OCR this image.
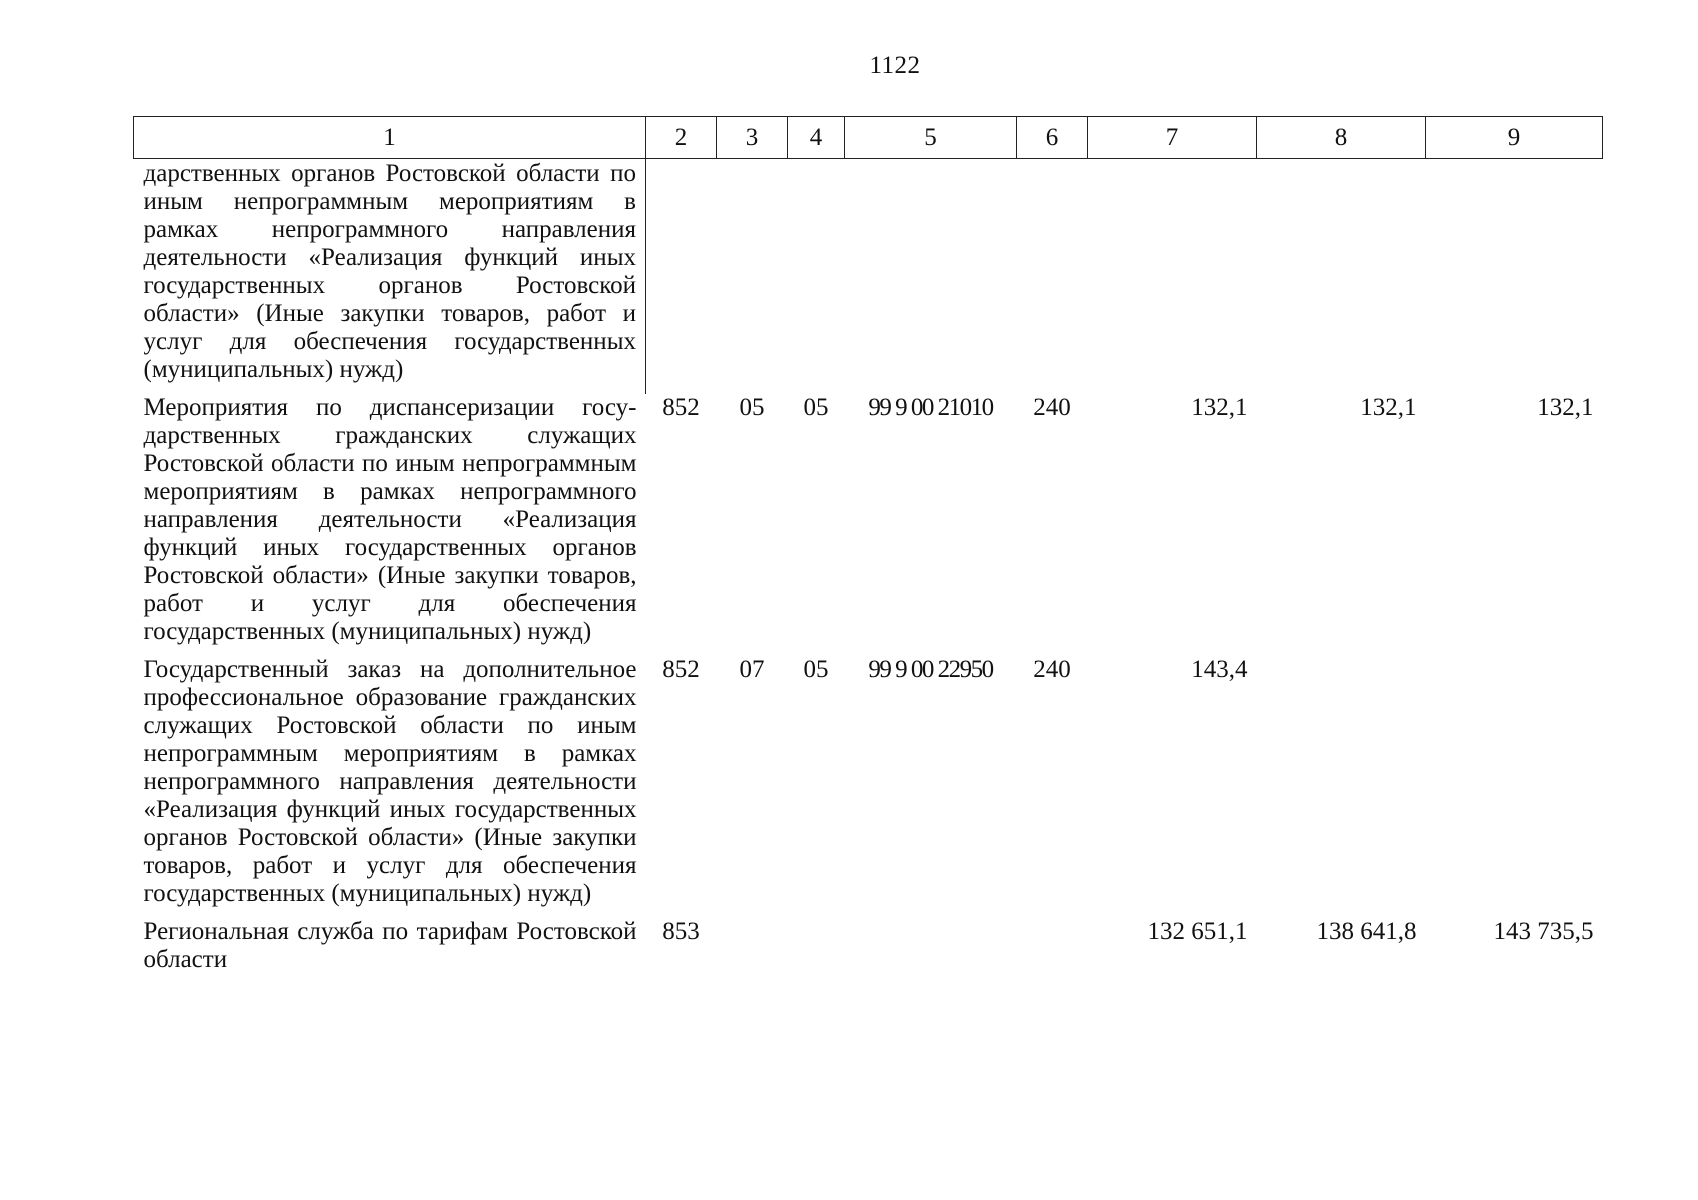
1122
1	2	3	4	5	6	7	8	9
дарственных органов Ростовской области по иным непрограммным мероприятиям в рамках непрограммного направления деятельности «Реализация функций иных государственных органов Ростовской области» (Иные закупки товаров, работ и услуг для обеспечения государственных (муниципальных) нужд)								
Мероприятия по диспансеризации государственных гражданских служащих Ростовской области по иным непрограммным мероприятиям в рамках непрограммного направления деятельности «Реализация функций иных государственных органов Ростовской области» (Иные закупки товаров, работ и услуг для обеспечения государственных (муниципальных) нужд)	852	05	05	99 9 00 21010	240	132,1	132,1	132,1
Государственный заказ на дополнительное профессиональное образование гражданских служащих Ростовской области по иным непрограммным мероприятиям в рамках непрограммного направления деятельности «Реализация функций иных государственных органов Ростовской области» (Иные закупки товаров, работ и услуг для обеспечения государственных (муниципальных) нужд)	852	07	05	99 9 00 22950	240	143,4		
Региональная служба по тарифам Ростовской области	853					132 651,1	138 641,8	143 735,5
